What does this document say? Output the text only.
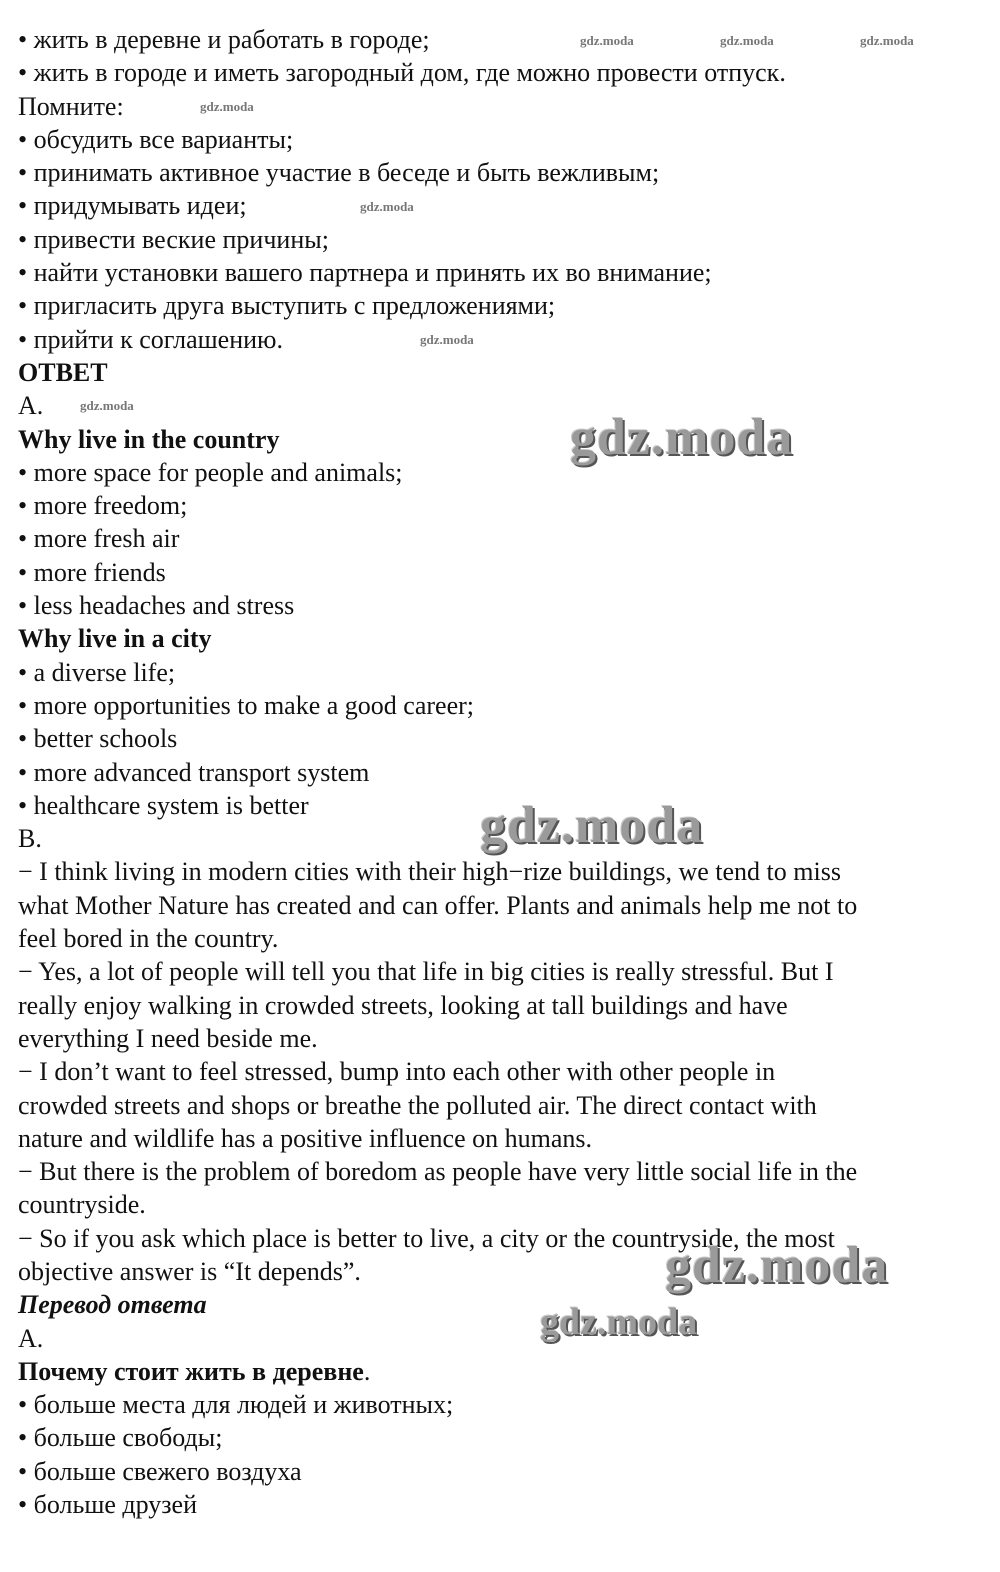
• жить в деревне и работать в городе;
• жить в городе и иметь загородный дом, где можно провести отпуск.
Помните:
• обсудить все варианты;
• принимать активное участие в беседе и быть вежливым;
• придумывать идеи;
• привести веские причины;
• найти установки вашего партнера и принять их во внимание;
• пригласить друга выступить с предложениями;
• прийти к соглашению.
ОТВЕТ
A.
Why live in the country
• more space for people and animals;
• more freedom;
• more fresh air
• more friends
• less headaches and stress
Why live in a city
• a diverse life;
• more opportunities to make a good career;
• better schools
• more advanced transport system
• healthcare system is better
B.
− I think living in modern cities with their high−rize buildings, we tend to miss
what Mother Nature has created and can offer. Plants and animals help me not to
feel bored in the country.
− Yes, a lot of people will tell you that life in big cities is really stressful. But I
really enjoy walking in crowded streets, looking at tall buildings and have
everything I need beside me.
− I don’t want to feel stressed, bump into each other with other people in
crowded streets and shops or breathe the polluted air. The direct contact with
nature and wildlife has a positive influence on humans.
− But there is the problem of boredom as people have very little social life in the
countryside.
− So if you ask which place is better to live, a city or the countryside, the most
objective answer is “It depends”.
Перевод ответа
A.
Почему стоит жить в деревне.
• больше места для людей и животных;
• больше свободы;
• больше свежего воздуха
• больше друзей
gdz.moda	gdz.moda	gdz.moda
gdz.moda
gdz.moda
gdz.moda
gdz.moda
gdz.moda
gdz.moda
gdz.moda
gdz.moda
